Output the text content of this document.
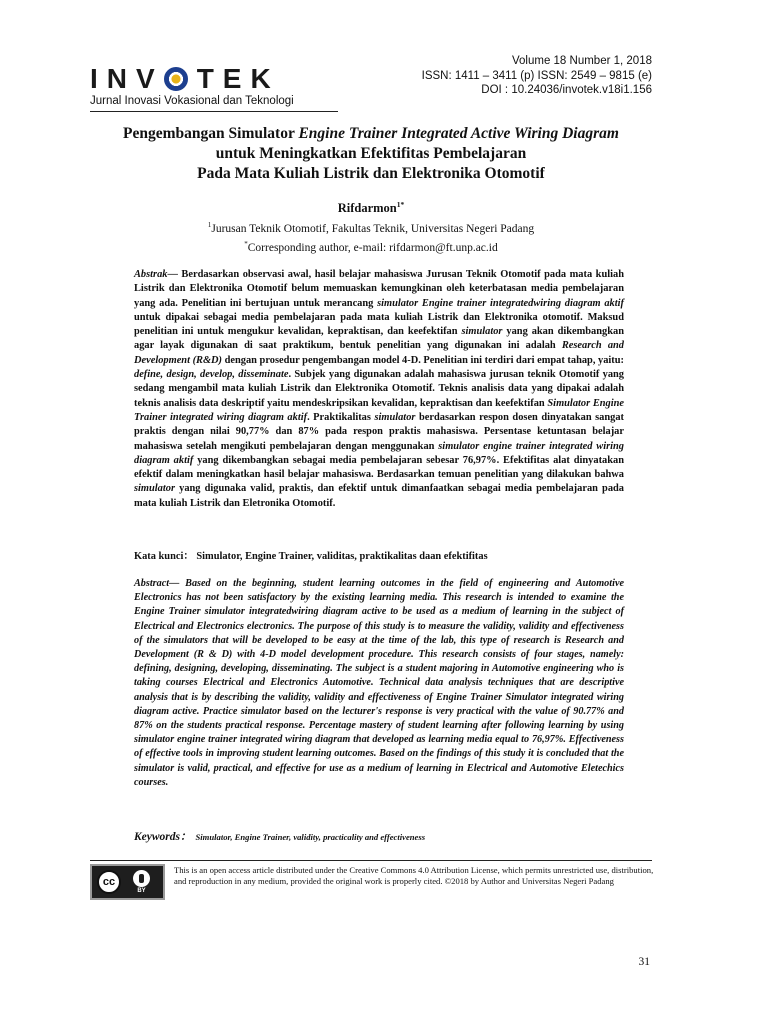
INV TEK
Jurnal Inovasi Vokasional dan Teknologi
Volume 18 Number 1, 2018
ISSN: 1411 – 3411 (p) ISSN: 2549 – 9815 (e)
DOI : 10.24036/invotek.v18i1.156
Pengembangan Simulator Engine Trainer Integrated Active Wiring Diagram
untuk Meningkatkan Efektifitas Pembelajaran
Pada Mata Kuliah Listrik dan Elektronika Otomotif
Rifdarmon$^{1*}$
$^1$Jurusan Teknik Otomotif, Fakultas Teknik, Universitas Negeri Padang
*Corresponding author, e-mail: rifdarmon@ft.unp.ac.id
Abstrak— Berdasarkan observasi awal, hasil belajar mahasiswa Jurusan Teknik Otomotif pada mata kuliah Listrik dan Elektronika Otomotif belum memuaskan kemungkinan oleh keterbatasan media pembelajaran yang ada. Penelitian ini bertujuan untuk merancang simulator Engine trainer integratedwiring diagram aktif untuk dipakai sebagai media pembelajaran pada mata kuliah Listrik dan Elektronika otomotif. Maksud penelitian ini untuk mengukur kevalidan, kepraktisan, dan keefektifan simulator yang akan dikembangkan agar layak digunakan di saat praktikum, bentuk penelitian yang digunakan ini adalah Research and Development (R&D) dengan prosedur pengembangan model 4-D. Penelitian ini terdiri dari empat tahap, yaitu: define, design, develop, disseminate. Subjek yang digunakan adalah mahasiswa jurusan teknik Otomotif yang sedang mengambil mata kuliah Listrik dan Elektronika Otomotif. Teknis analisis data yang dipakai adalah teknis analisis data deskriptif yaitu mendeskripsikan kevalidan, kepraktisan dan keefektifan Simulator Engine Trainer integrated wiring diagram aktif. Praktikalitas simulator berdasarkan respon dosen dinyatakan sangat praktis dengan nilai 90,77% dan 87% pada respon praktis mahasiswa. Persentase ketuntasan belajar mahasiswa setelah mengikuti pembelajaran dengan menggunakan simulator engine trainer integrated wiring diagram aktif yang dikembangkan sebagai media pembelajaran sebesar 76,97%. Efektifitas alat dinyatakan efektif dalam meningkatkan hasil belajar mahasiswa. Berdasarkan temuan penelitian yang dilakukan bahwa simulator yang digunaka valid, praktis, dan efektif untuk dimanfaatkan sebagai media pembelajaran pada mata kuliah Listrik dan Eletronika Otomotif.
Kata kunci： Simulator, Engine Trainer, validitas, praktikalitas daan efektifitas
Abstract— Based on the beginning, student learning outcomes in the field of engineering and Automotive Electronics has not been satisfactory by the existing learning media. This research is intended to examine the Engine Trainer simulator integratedwiring diagram active to be used as a medium of learning in the subject of Electrical and Electronics electronics. The purpose of this study is to measure the validity, validity and effectiveness of the simulators that will be developed to be easy at the time of the lab, this type of research is Research and Development (R & D) with 4-D model development procedure. This research consists of four stages, namely: defining, designing, developing, disseminating. The subject is a student majoring in Automotive engineering who is taking courses Electrical and Electronics Automotive. Technical data analysis techniques that are descriptive analysis that is by describing the validity, validity and effectiveness of Engine Trainer Simulator integrated wiring diagram active. Practice simulator based on the lecturer's response is very practical with the value of 90.77% and 87% on the students practical response. Percentage mastery of student learning after following learning by using simulator engine trainer integrated wiring diagram that developed as learning media equal to 76,97%. Effectiveness of effective tools in improving student learning outcomes. Based on the findings of this study it is concluded that the simulator is valid, practical, and effective for use as a medium of learning in Electrical and Automotive Eletechics courses.
Keywords： Simulator, Engine Trainer, validity, practicality and effectiveness
cc
BY
This is an open access article distributed under the Creative Commons 4.0 Attribution License, which permits unrestricted use, distribution, and reproduction in any medium, provided the original work is properly cited. ©2018 by Author and Universitas Negeri Padang
31
